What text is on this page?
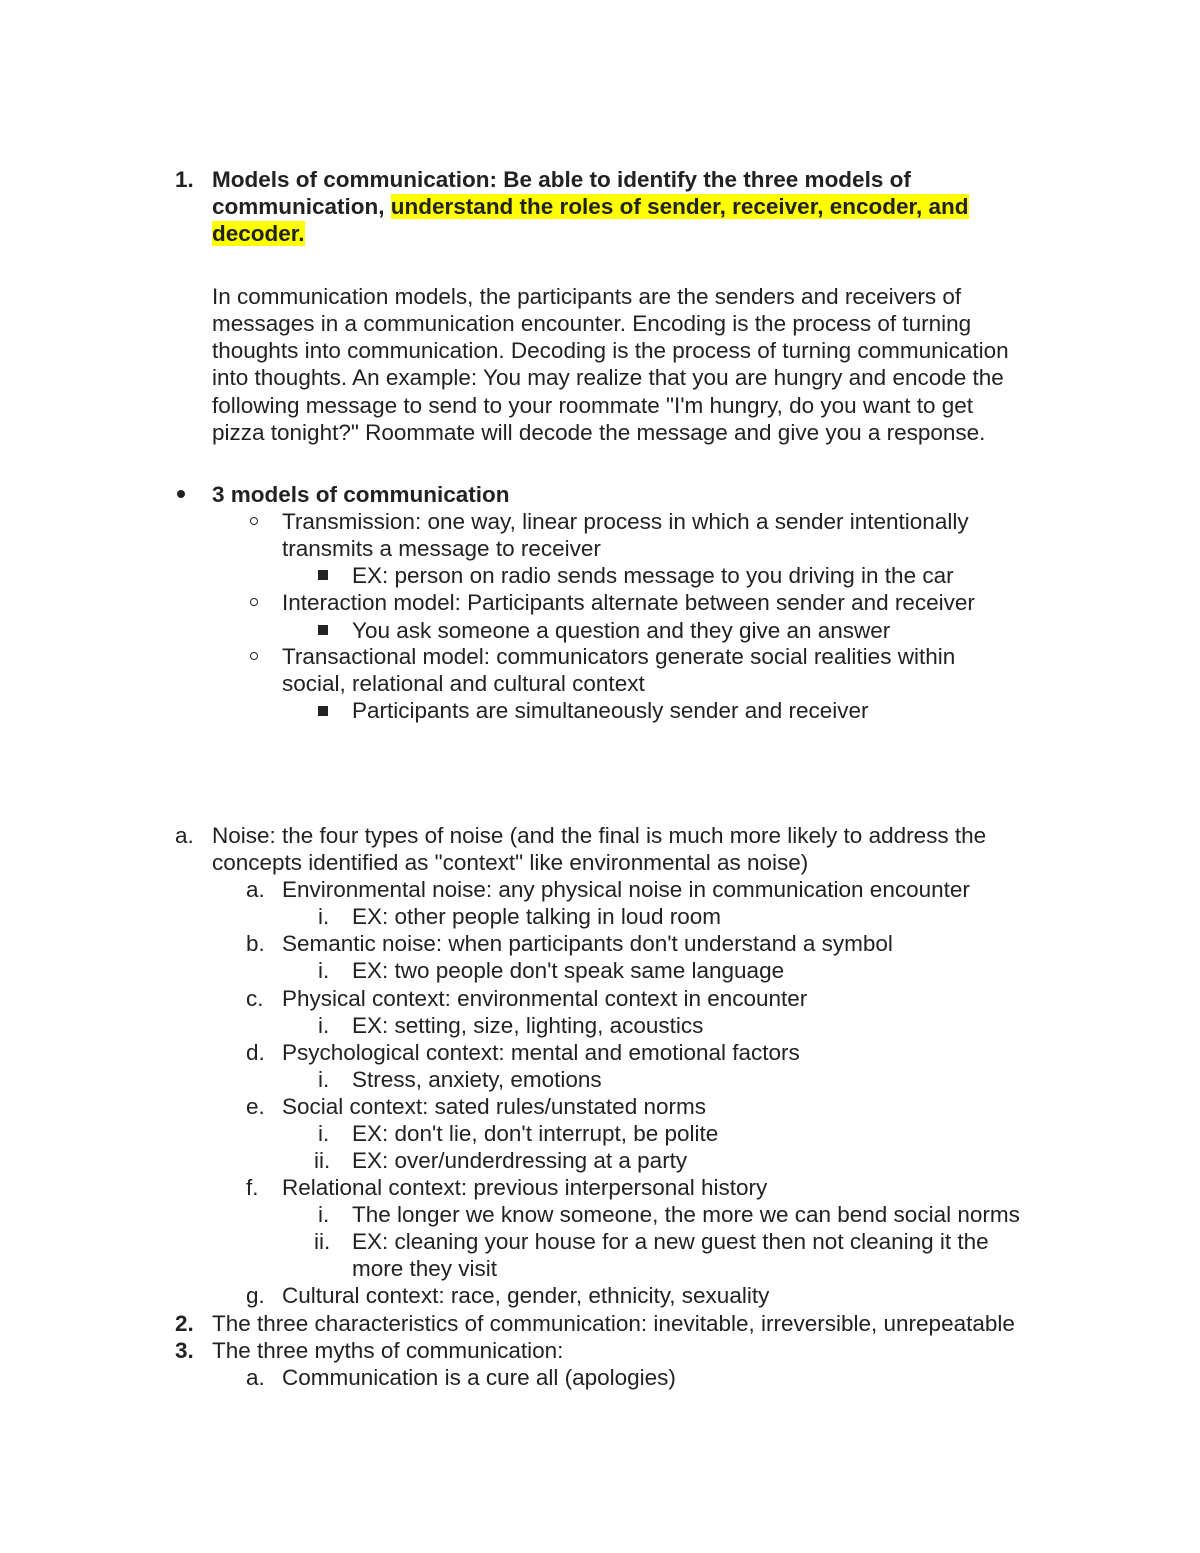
1. Models of communication: Be able to identify the three models of
communication, understand the roles of sender, receiver, encoder, and
decoder.
In communication models, the participants are the senders and receivers of
messages in a communication encounter. Encoding is the process of turning
thoughts into communication. Decoding is the process of turning communication
into thoughts. An example: You may realize that you are hungry and encode the
following message to send to your roommate "I'm hungry, do you want to get
pizza tonight?" Roommate will decode the message and give you a response.
3 models of communication
Transmission: one way, linear process in which a sender intentionally
transmits a message to receiver
EX: person on radio sends message to you driving in the car
Interaction model: Participants alternate between sender and receiver
You ask someone a question and they give an answer
Transactional model: communicators generate social realities within
social, relational and cultural context
Participants are simultaneously sender and receiver
a. Noise: the four types of noise (and the final is much more likely to address the
concepts identified as "context" like environmental as noise)
a. Environmental noise: any physical noise in communication encounter
i. EX: other people talking in loud room
b. Semantic noise: when participants don't understand a symbol
i. EX: two people don't speak same language
c. Physical context: environmental context in encounter
i. EX: setting, size, lighting, acoustics
d. Psychological context: mental and emotional factors
i. Stress, anxiety, emotions
e. Social context: sated rules/unstated norms
i. EX: don't lie, don't interrupt, be polite
ii. EX: over/underdressing at a party
f. Relational context: previous interpersonal history
i. The longer we know someone, the more we can bend social norms
ii. EX: cleaning your house for a new guest then not cleaning it the
more they visit
g. Cultural context: race, gender, ethnicity, sexuality
2. The three characteristics of communication: inevitable, irreversible, unrepeatable
3. The three myths of communication:
a. Communication is a cure all (apologies)
